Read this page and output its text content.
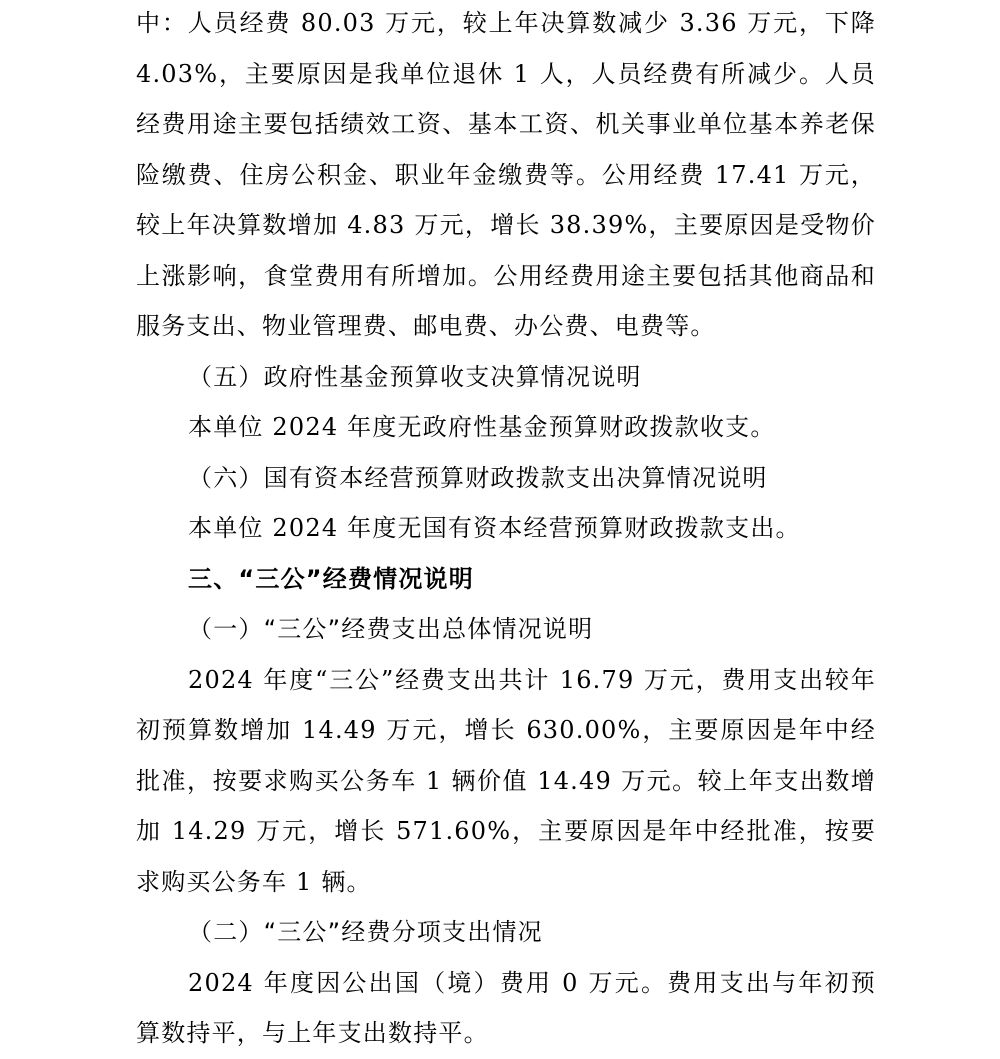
中：人员经费 80.03 万元，较上年决算数减少 3.36 万元，下降 4.03%，主要原因是我单位退休 1 人，人员经费有所减少。人员经费用途主要包括绩效工资、基本工资、机关事业单位基本养老保险缴费、住房公积金、职业年金缴费等。公用经费 17.41 万元，较上年决算数增加 4.83 万元，增长 38.39%，主要原因是受物价上涨影响，食堂费用有所增加。公用经费用途主要包括其他商品和服务支出、物业管理费、邮电费、办公费、电费等。

（五）政府性基金预算收支决算情况说明

本单位 2024 年度无政府性基金预算财政拨款收支。

（六）国有资本经营预算财政拨款支出决算情况说明

本单位 2024 年度无国有资本经营预算财政拨款支出。

三、“三公”经费情况说明

（一）“三公”经费支出总体情况说明

2024 年度“三公”经费支出共计 16.79 万元，费用支出较年初预算数增加 14.49 万元，增长 630.00%，主要原因是年中经批准，按要求购买公务车 1 辆价值 14.49 万元。较上年支出数增加 14.29 万元，增长 571.60%，主要原因是年中经批准，按要求购买公务车 1 辆。

（二）“三公”经费分项支出情况

2024 年度因公出国（境）费用 0 万元。费用支出与年初预算数持平，与上年支出数持平。
